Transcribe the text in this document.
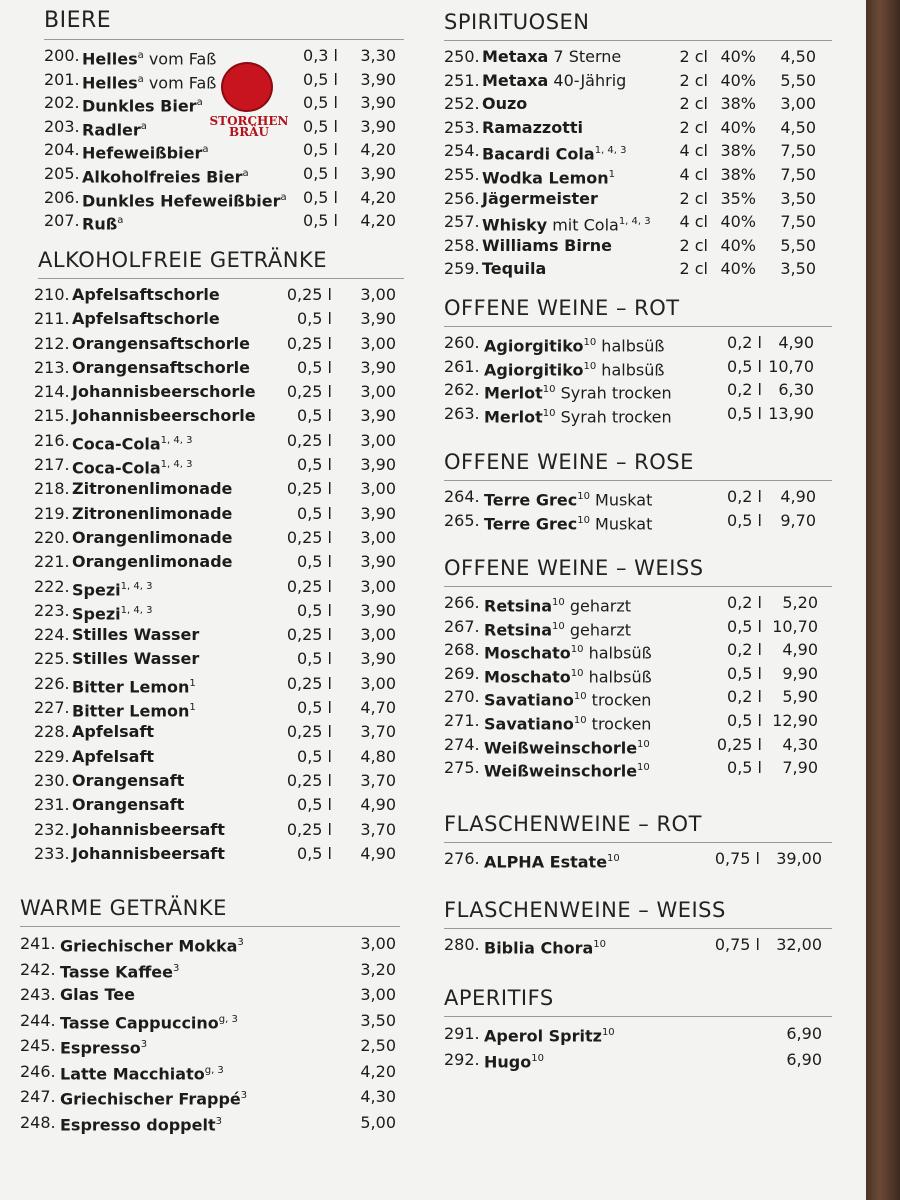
BIERE
200. Helles$^a$ vom Faß	0,3 l	3,30
201. Helles$^a$ vom Faß	0,5 l	3,90
202. Dunkles Bier$^a$	0,5 l	3,90
203. Radler$^a$	0,5 l	3,90
204. Hefeweißbier$^a$	0,5 l	4,20
205. Alkoholfreies Bier$^a$	0,5 l	3,90
206. Dunkles Hefeweißbier$^a$	0,5 l	4,20
207. Ruß$^a$	0,5 l	4,20
STORCHEN
BRÄU
ALKOHOLFREIE GETRÄNKE
210. Apfelsaftschorle	0,25 l	3,00
211. Apfelsaftschorle	0,5 l	3,90
212. Orangensaftschorle 0,25 l	3,00
213. Orangensaftschorle	0,5 l	3,90
214. Johannisbeerschorle 0,25 l	3,00
215. Johannisbeerschorle	0,5 l	3,90
216. Coca-Cola$^{1, 4, 3}$	0,25 l	3,00
217. Coca-Cola$^{1, 4, 3}$	0,5 l	3,90
218. Zitronenlimonade	0,25 l	3,00
219. Zitronenlimonade	0,5 l	3,90
220. Orangenlimonade	0,25 l	3,00
221. Orangenlimonade	0,5 l	3,90
222. Spezi$^{1, 4, 3}$	0,25 l	3,00
223. Spezi$^{1, 4, 3}$	0,5 l	3,90
224. Stilles Wasser	0,25 l	3,00
225. Stilles Wasser	0,5 l	3,90
226. Bitter Lemon$^1$	0,25 l	3,00
227. Bitter Lemon$^1$	0,5 l	4,70
228. Apfelsaft	0,25 l	3,70
229. Apfelsaft	0,5 l	4,80
230. Orangensaft	0,25 l	3,70
231. Orangensaft	0,5 l	4,90
232. Johannisbeersaft	0,25 l	3,70
233. Johannisbeersaft	0,5 l	4,90
WARME GETRÄNKE
241. Griechischer Mokka$^3$	3,00
242. Tasse Kaffee$^3$	3,20
243. Glas Tee	3,00
244. Tasse Cappuccino$^{g, 3}$	3,50
245. Espresso$^3$	2,50
246. Latte Macchiato$^{g, 3}$	4,20
247. Griechischer Frappé$^3$	4,30
248. Espresso doppelt$^3$	5,00
SPIRITUOSEN
250. Metaxa 7 Sterne	2 cl 40%	4,50
251. Metaxa 40-Jährig	2 cl 40%	5,50
252. Ouzo	2 cl 38%	3,00
253. Ramazzotti	2 cl 40%	4,50
254. Bacardi Cola$^{1, 4, 3}$	4 cl 38%	7,50
255. Wodka Lemon$^1$	4 cl 38%	7,50
256. Jägermeister	2 cl 35%	3,50
257. Whisky mit Cola$^{1, 4, 3}$	4 cl 40%	7,50
258. Williams Birne	2 cl 40%	5,50
259. Tequila	2 cl 40%	3,50
OFFENE WEINE – ROT
260. Agiorgitiko$^{10}$ halbsüß	0,2 l	4,90
261. Agiorgitiko$^{10}$ halbsüß	0,5 l 10,70
262. Merlot$^{10}$ Syrah trocken	0,2 l	6,30
263. Merlot$^{10}$ Syrah trocken	0,5 l 13,90
OFFENE WEINE – ROSE
264. Terre Grec$^{10}$ Muskat	0,2 l	4,90
265. Terre Grec$^{10}$ Muskat	0,5 l	9,70
OFFENE WEINE – WEISS
266. Retsina$^{10}$ geharzt	0,2 l	5,20
267. Retsina$^{10}$ geharzt	0,5 l 10,70
268. Moschato$^{10}$ halbsüß	0,2 l	4,90
269. Moschato$^{10}$ halbsüß	0,5 l	9,90
270. Savatiano$^{10}$ trocken	0,2 l	5,90
271. Savatiano$^{10}$ trocken	0,5 l 12,90
274. Weißweinschorle$^{10}$	0,25 l	4,30
275. Weißweinschorle$^{10}$	0,5 l	7,90
FLASCHENWEINE – ROT
276. ALPHA Estate$^{10}$	0,75 l 39,00
FLASCHENWEINE – WEISS
280. Biblia Chora$^{10}$	0,75 l 32,00
APERITIFS
291. Aperol Spritz$^{10}$	6,90
292. Hugo$^{10}$	6,90
